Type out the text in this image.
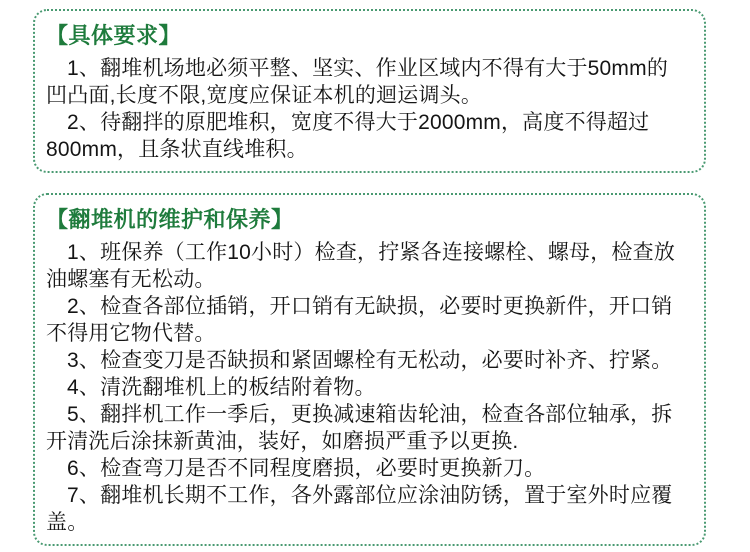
【具体要求】

1、翻堆机场地必须平整、坚实、作业区域内不得有大于50mm的凹凸面,长度不限,宽度应保证本机的迴运调头。

2、待翻拌的原肥堆积，宽度不得大于2000mm，高度不得超过800mm，且条状直线堆积。

【翻堆机的维护和保养】

1、班保养（工作10小时）检查，拧紧各连接螺栓、螺母，检查放油螺塞有无松动。

2、检查各部位插销，开口销有无缺损，必要时更换新件，开口销不得用它物代替。

3、检查变刀是否缺损和紧固螺栓有无松动，必要时补齐、拧紧。

4、清洗翻堆机上的板结附着物。

5、翻拌机工作一季后，更换减速箱齿轮油，检查各部位轴承，拆开清洗后涂抹新黄油，装好，如磨损严重予以更换.

6、检查弯刀是否不同程度磨损，必要时更换新刀。

7、翻堆机长期不工作，各外露部位应涂油防锈，置于室外时应覆盖。
